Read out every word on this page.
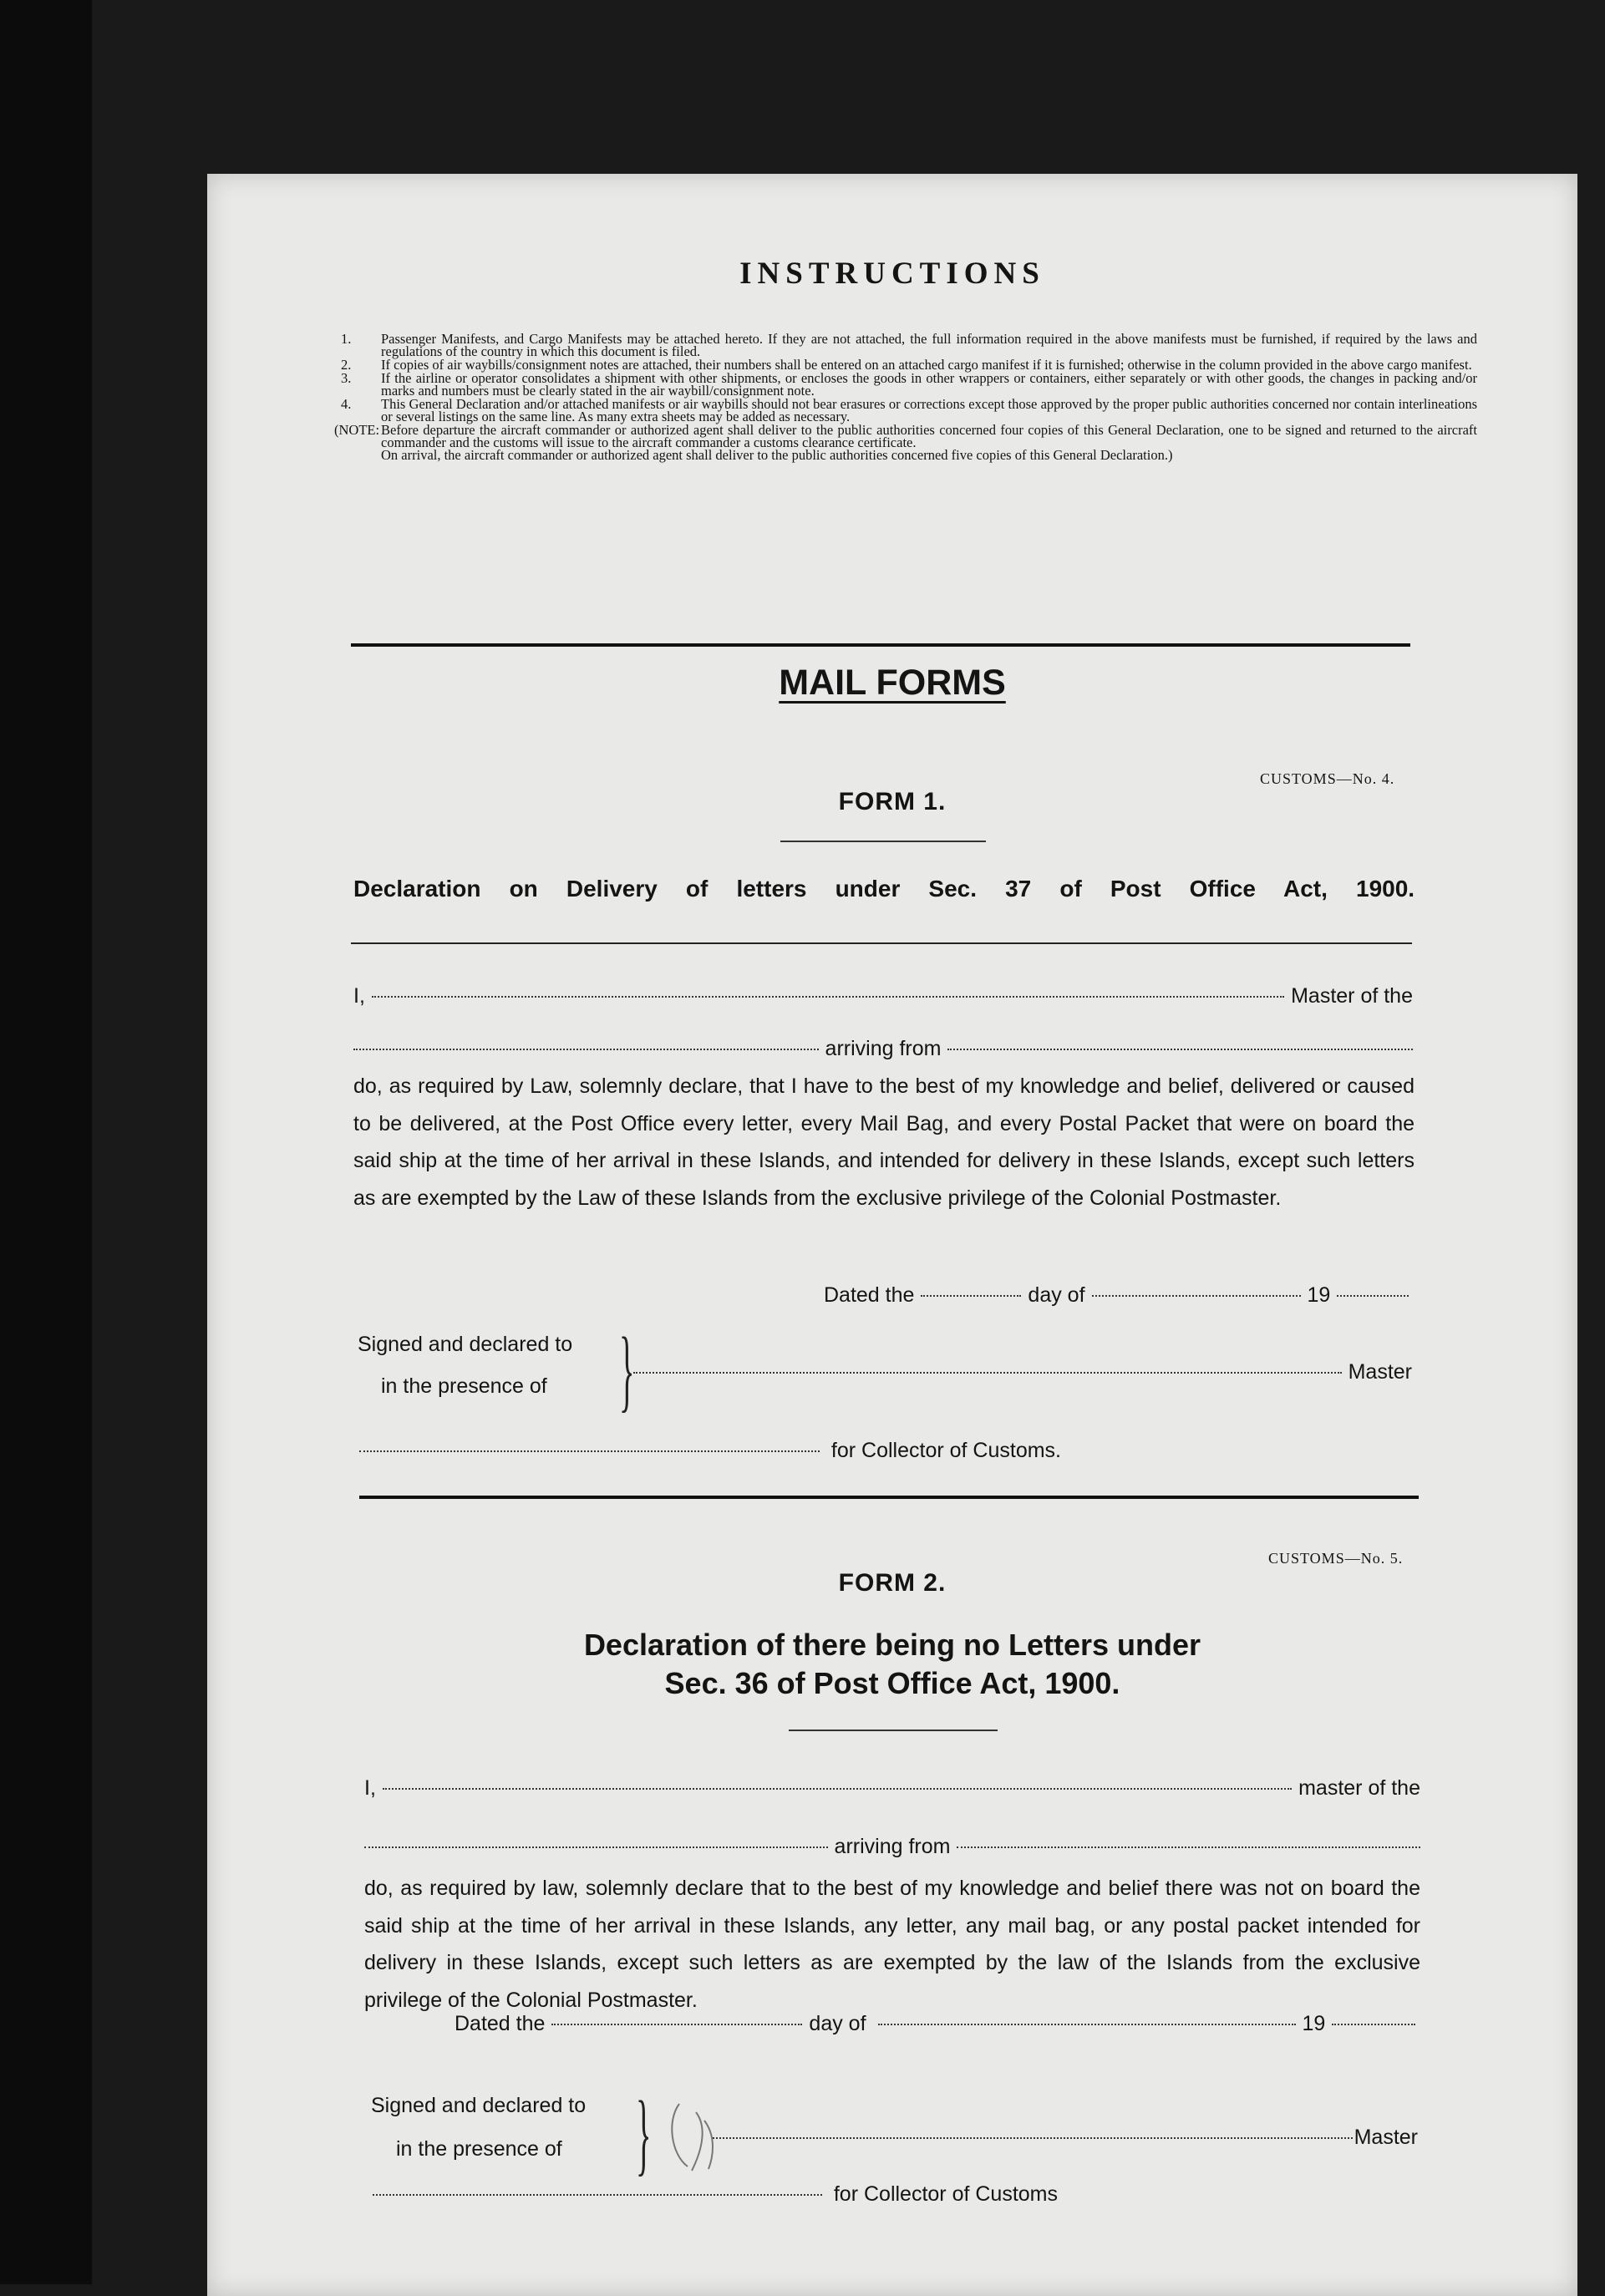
INSTRUCTIONS
1. Passenger Manifests, and Cargo Manifests may be attached hereto. If they are not attached, the full information required in the above manifests must be furnished, if required by the laws and regulations of the country in which this document is filed.
2. If copies of air waybills/consignment notes are attached, their numbers shall be entered on an attached cargo manifest if it is furnished; otherwise in the column provided in the above cargo manifest.
3. If the airline or operator consolidates a shipment with other shipments, or encloses the goods in other wrappers or containers, either separately or with other goods, the changes in packing and/or marks and numbers must be clearly stated in the air waybill/consignment note.
4. This General Declaration and/or attached manifests or air waybills should not bear erasures or corrections except those approved by the proper public authorities concerned nor contain interlineations or several listings on the same line. As many extra sheets may be added as necessary.
(NOTE: Before departure the aircraft commander or authorized agent shall deliver to the public authorities concerned four copies of this General Declaration, one to be signed and returned to the aircraft commander and the customs will issue to the aircraft commander a customs clearance certificate.
On arrival, the aircraft commander or authorized agent shall deliver to the public authorities concerned five copies of this General Declaration.)
MAIL FORMS
CUSTOMS—No. 4.
FORM 1.
Declaration on Delivery of letters under Sec. 37 of Post Office Act, 1900.
I,	Master of the
arriving from
do, as required by Law, solemnly declare, that I have to the best of my knowledge and belief, delivered or caused to be delivered, at the Post Office every letter, every Mail Bag, and every Postal Packet that were on board the said ship at the time of her arrival in these Islands, and intended for delivery in these Islands, except such letters as are exempted by the Law of these Islands from the exclusive privilege of the Colonial Postmaster.
Dated the	day of	19
Signed and declared to
in the presence of }	Master
for Collector of Customs.
CUSTOMS—No. 5.
FORM 2.
Declaration of there being no Letters under
Sec. 36 of Post Office Act, 1900.
I,	master of the
arriving from
do, as required by law, solemnly declare that to the best of my knowledge and belief there was not on board the said ship at the time of her arrival in these Islands, any letter, any mail bag, or any postal packet intended for delivery in these Islands, except such letters as are exempted by the law of the Islands from the exclusive privilege of the Colonial Postmaster.
Dated the	day of	19
Signed and declared to
in the presence of }	Master
for Collector of Customs
